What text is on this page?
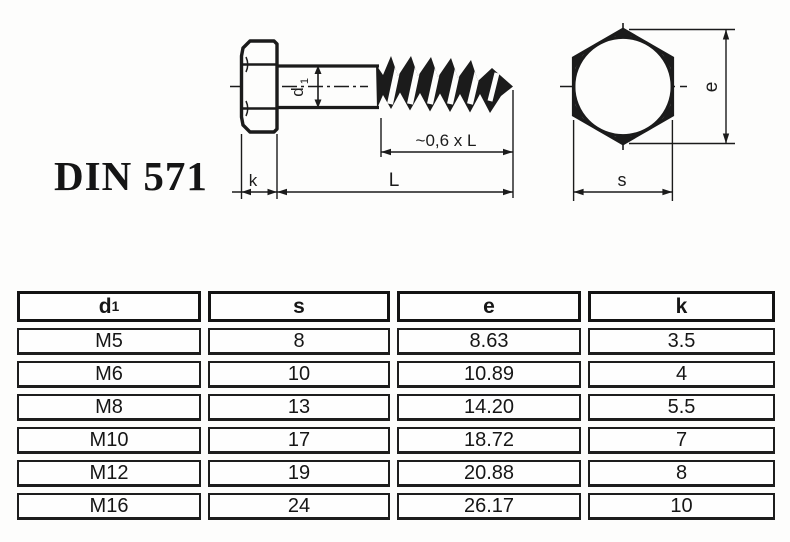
d
1
~0,6 x L
L
k
e
s
DIN 571
d 1	s	e	k
M5	8	8.63	3.5
M6	10	10.89	4
M8	13	14.20	5.5
M10	17	18.72	7
M12	19	20.88	8
M16	24	26.17	10
